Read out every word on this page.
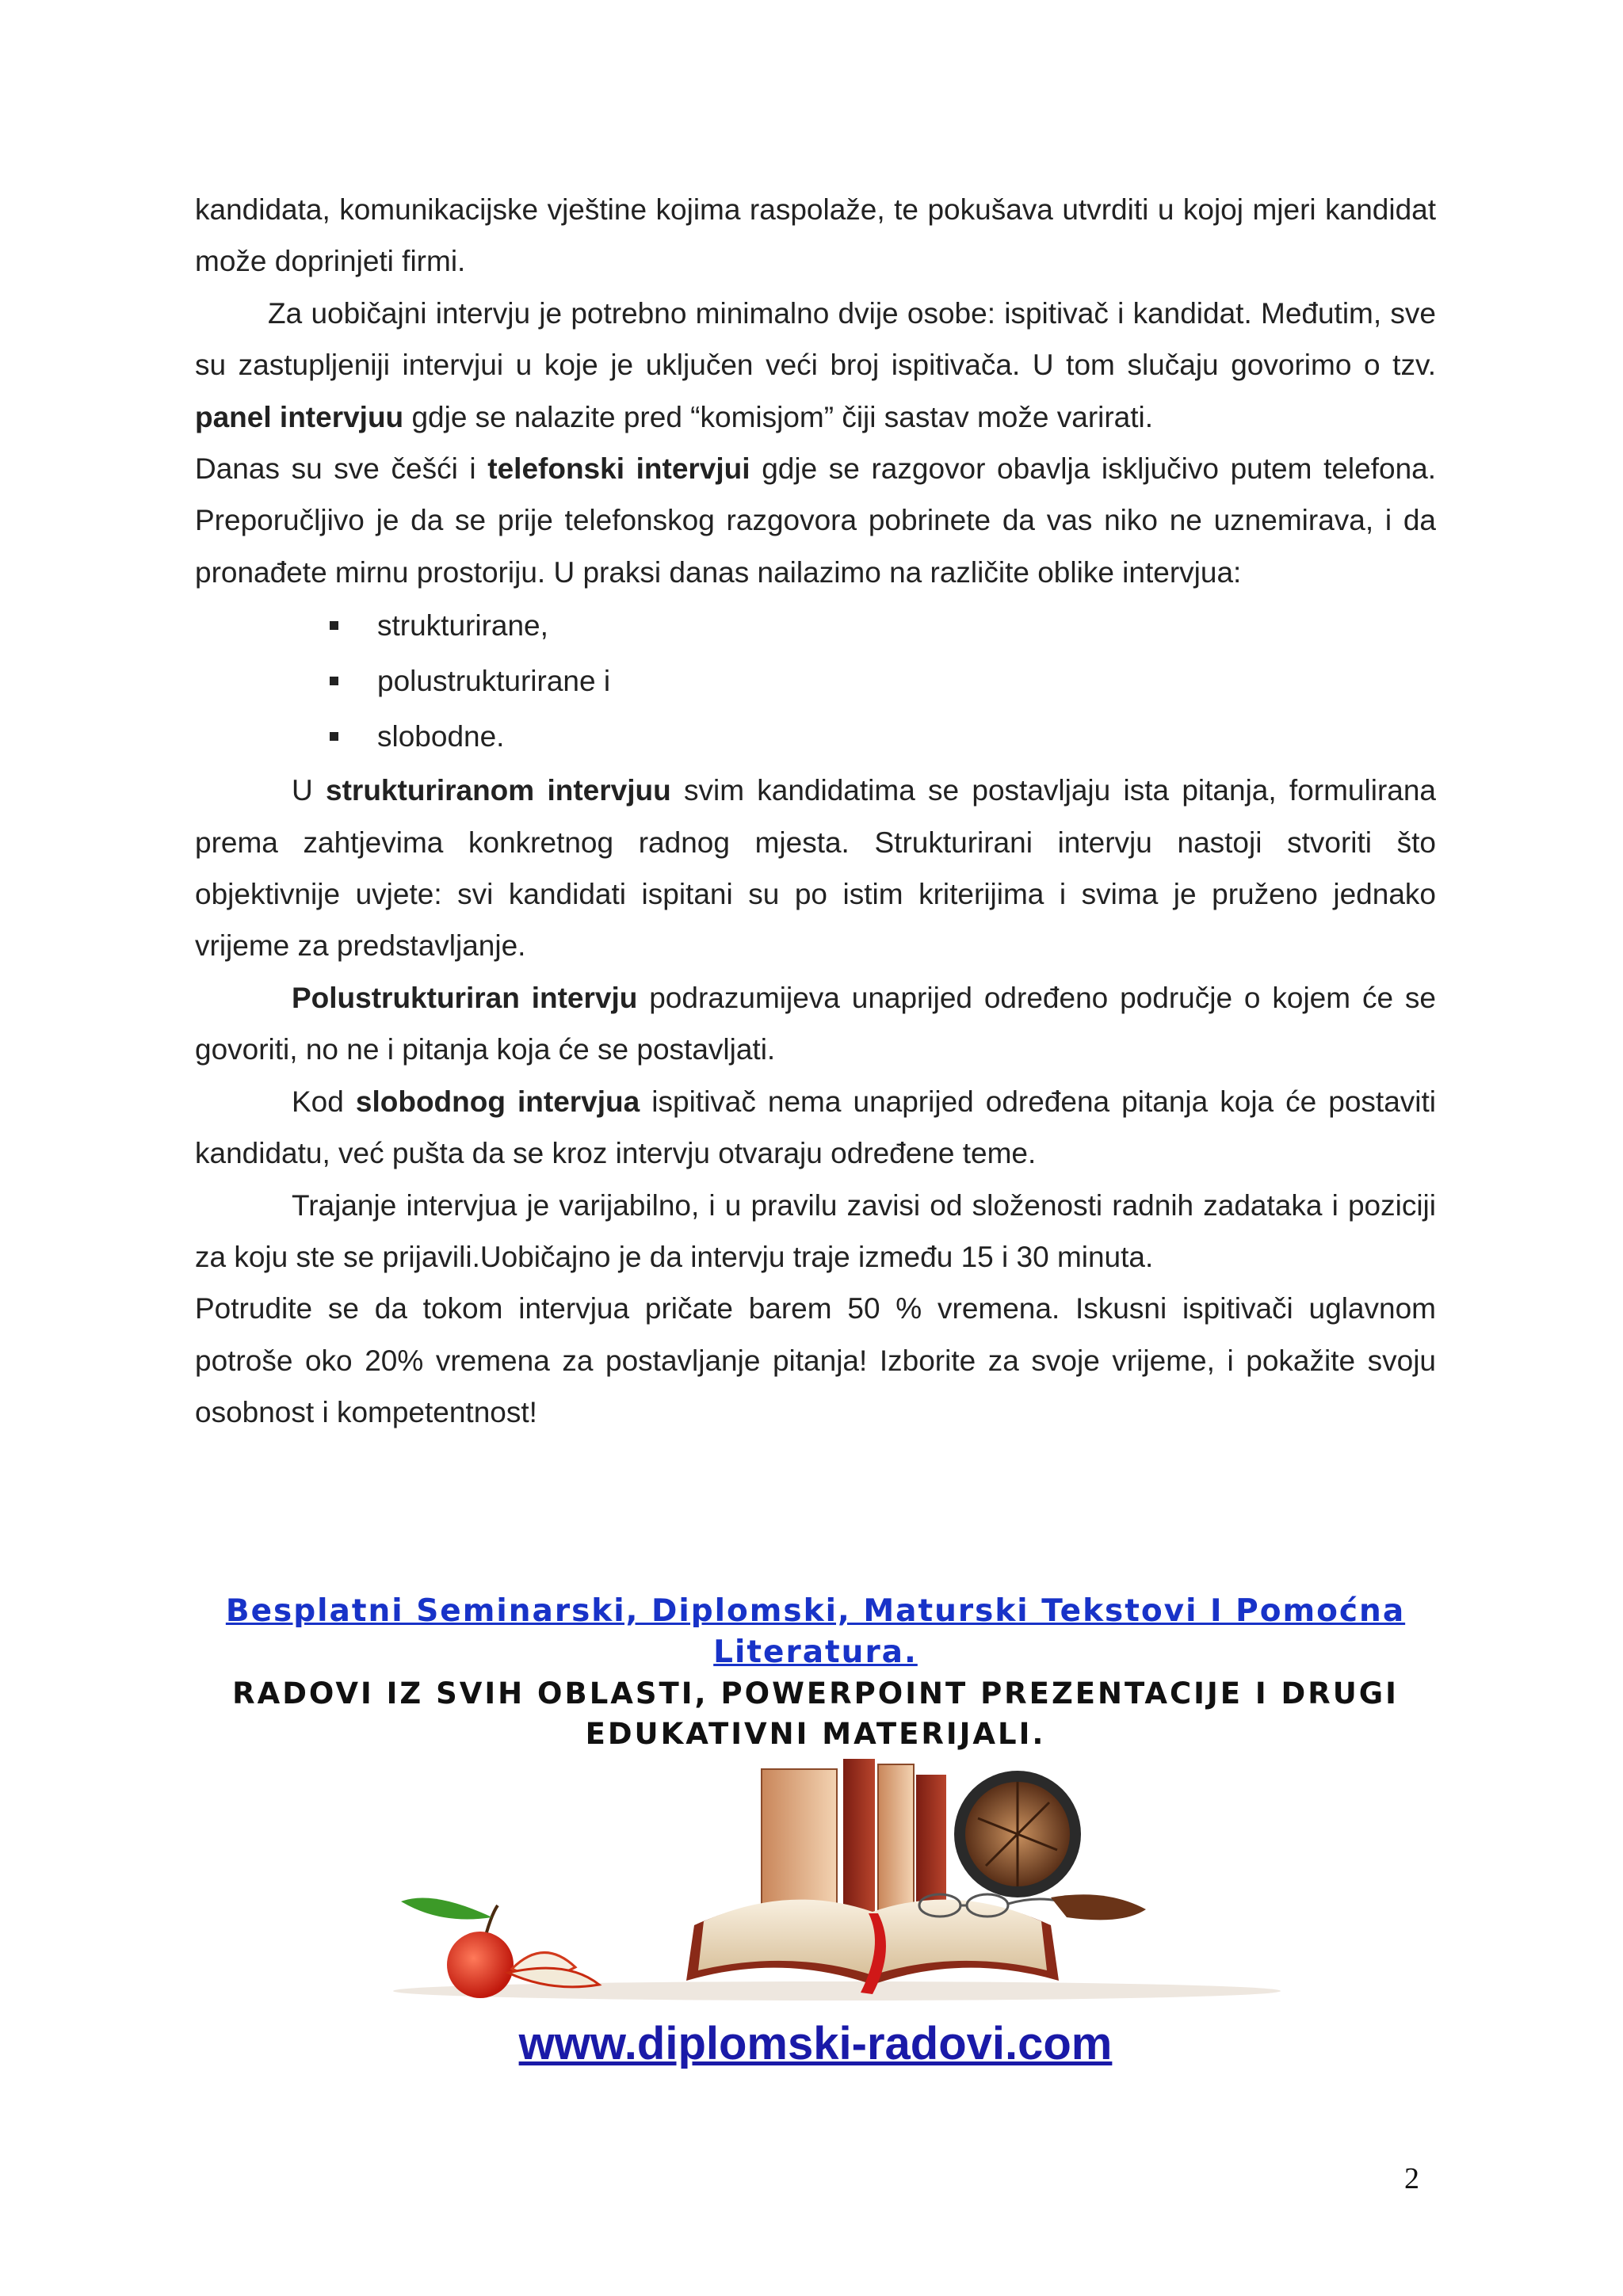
kandidata, komunikacijske vještine kojima raspolaže, te pokušava utvrditi u kojoj mjeri kandidat može doprinjeti firmi.

Za uobičajni intervju je potrebno minimalno dvije osobe: ispitivač i kandidat. Međutim, sve su zastupljeniji intervjui u koje je uključen veći broj ispitivača. U tom slučaju govorimo o tzv. panel intervjuu gdje se nalazite pred “komisjom” čiji sastav može varirati.

Danas su sve češći i telefonski intervjui gdje se razgovor obavlja isključivo putem telefona. Preporučljivo je da se prije telefonskog razgovora pobrinete da vas niko ne uznemirava, i da pronađete mirnu prostoriju. U praksi danas nailazimo na različite oblike intervjua:

strukturirane,
polustrukturirane i
slobodne.

U strukturiranom intervjuu svim kandidatima se postavljaju ista pitanja, formulirana prema zahtjevima konkretnog radnog mjesta. Strukturirani intervju nastoji stvoriti što objektivnije uvjete: svi kandidati ispitani su po istim kriterijima i svima je pruženo jednako vrijeme za predstavljanje.

Polustrukturiran intervju podrazumijeva unaprijed određeno područje o kojem će se govoriti, no ne i pitanja koja će se postavljati.

Kod slobodnog intervjua ispitivač nema unaprijed određena pitanja koja će postaviti kandidatu, već pušta da se kroz intervju otvaraju određene teme.

Trajanje intervjua je varijabilno, i u pravilu zavisi od složenosti radnih zadataka i poziciji za koju ste se prijavili.Uobičajno je da intervju traje između 15 i 30 minuta.

Potrudite se da tokom intervjua pričate barem 50 % vremena. Iskusni ispitivači uglavnom potroše oko 20% vremena za postavljanje pitanja! Izborite za svoje vrijeme, i pokažite svoju osobnost i kompetentnost!

Besplatni Seminarski, Diplomski, Maturski Tekstovi I Pomoćna Literatura.
RADOVI IZ SVIH OBLASTI, POWERPOINT PREZENTACIJE I DRUGI EDUKATIVNI MATERIJALI.
www.diplomski-radovi.com
2
